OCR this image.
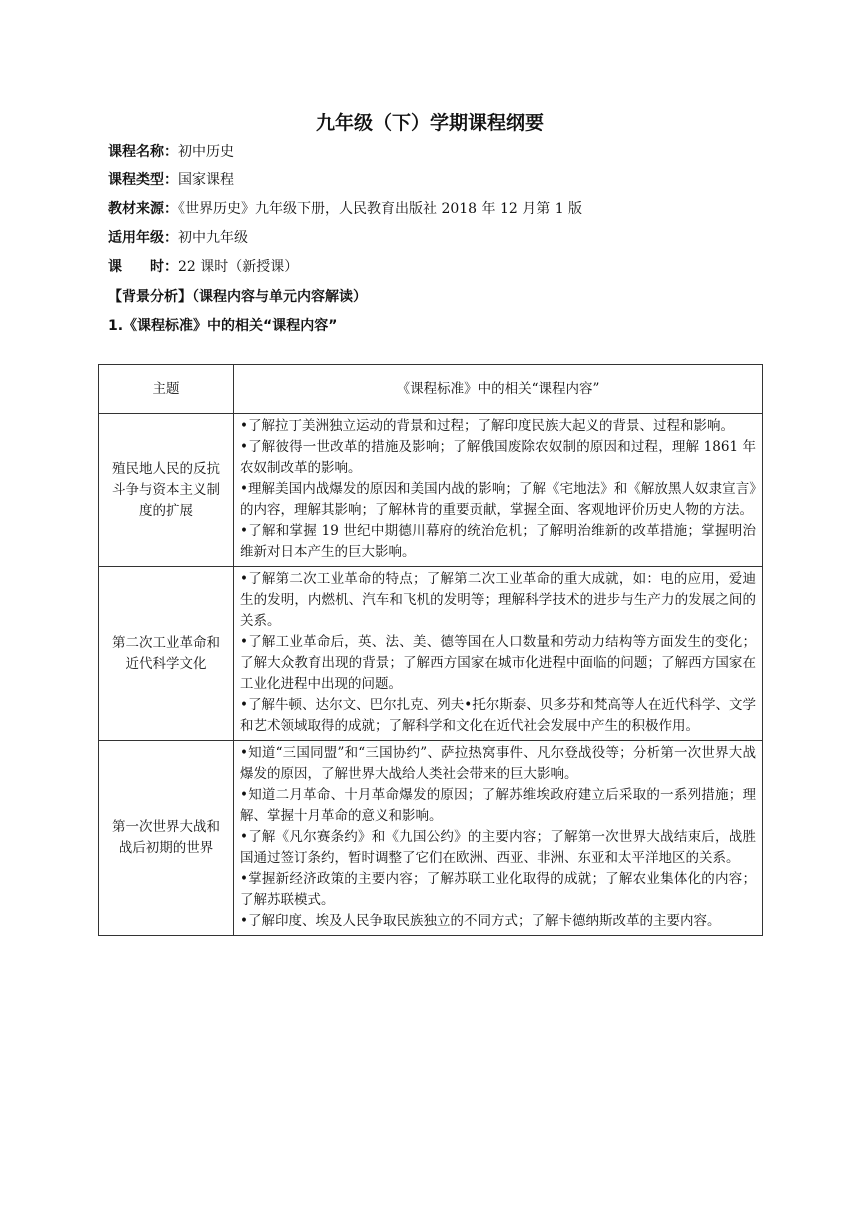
九年级（下）学期课程纲要
课程名称：初中历史
课程类型：国家课程
教材来源：《世界历史》九年级下册，人民教育出版社 2018 年 12 月第 1 版
适用年级：初中九年级
课　　时：22 课时（新授课）
【背景分析】（课程内容与单元内容解读）
1.《课程标准》中的相关“课程内容”
主题	《课程标准》中的相关“课程内容”
殖民地人民的反抗斗争与资本主义制度的扩展	•了解拉丁美洲独立运动的背景和过程；了解印度民族大起义的背景、过程和影响。

•了解彼得一世改革的措施及影响；了解俄国废除农奴制的原因和过程，理解 1861 年农奴制改革的影响。

•理解美国内战爆发的原因和美国内战的影响；了解《宅地法》和《解放黑人奴隶宣言》的内容，理解其影响；了解林肯的重要贡献，掌握全面、客观地评价历史人物的方法。

•了解和掌握 19 世纪中期德川幕府的统治危机；了解明治维新的改革措施；掌握明治维新对日本产生的巨大影响。

第二次工业革命和近代科学文化	•了解第二次工业革命的特点；了解第二次工业革命的重大成就，如：电的应用，爱迪生的发明，内燃机、汽车和飞机的发明等；理解科学技术的进步与生产力的发展之间的关系。

•了解工业革命后，英、法、美、德等国在人口数量和劳动力结构等方面发生的变化；了解大众教育出现的背景；了解西方国家在城市化进程中面临的问题；了解西方国家在工业化进程中出现的问题。

•了解牛顿、达尔文、巴尔扎克、列夫•托尔斯泰、贝多芬和梵高等人在近代科学、文学和艺术领域取得的成就；了解科学和文化在近代社会发展中产生的积极作用。

第一次世界大战和战后初期的世界	•知道“三国同盟”和“三国协约”、萨拉热窝事件、凡尔登战役等；分析第一次世界大战爆发的原因，了解世界大战给人类社会带来的巨大影响。

•知道二月革命、十月革命爆发的原因；了解苏维埃政府建立后采取的一系列措施；理解、掌握十月革命的意义和影响。

•了解《凡尔赛条约》和《九国公约》的主要内容；了解第一次世界大战结束后，战胜国通过签订条约，暂时调整了它们在欧洲、西亚、非洲、东亚和太平洋地区的关系。

•掌握新经济政策的主要内容；了解苏联工业化取得的成就；了解农业集体化的内容；了解苏联模式。

•了解印度、埃及人民争取民族独立的不同方式；了解卡德纳斯改革的主要内容。
